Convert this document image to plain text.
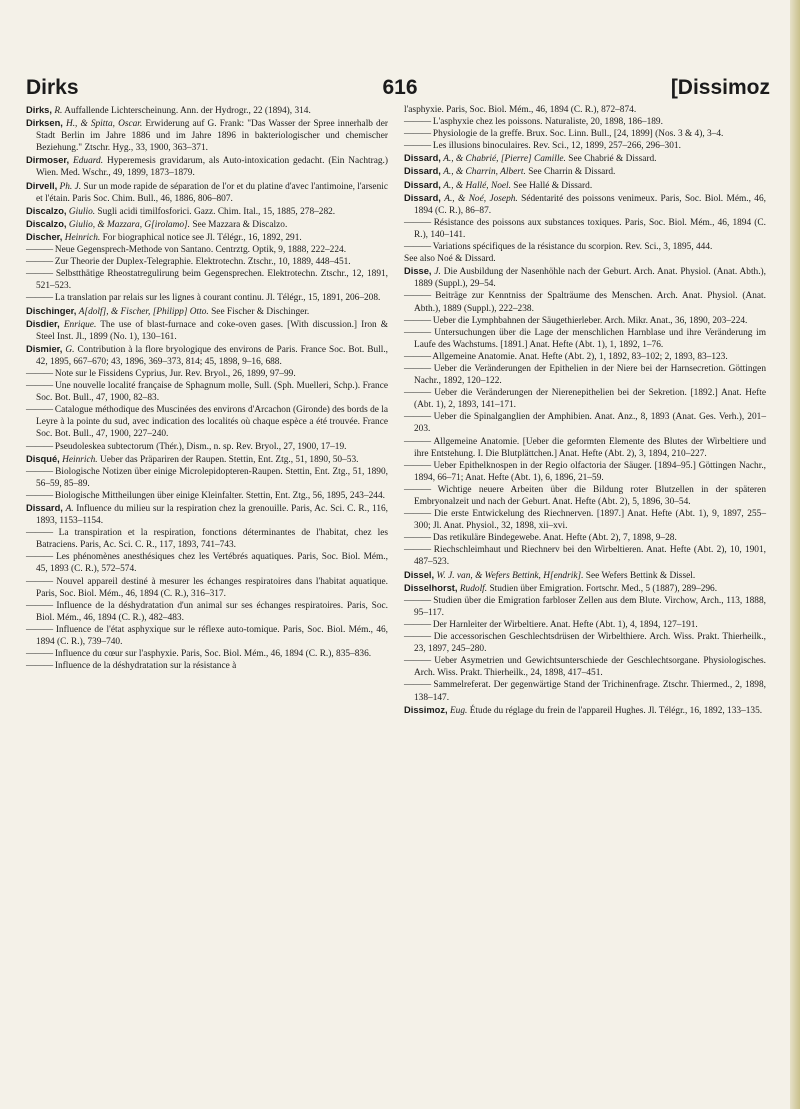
Dirks	616	[Dissimoz
Dirks, R. Auffallende Lichterscheinung. Ann. der Hydrogr., 22 (1894), 314.
Dirksen, H., & Spitta, Oscar. Erwiderung auf G. Frank: "Das Wasser der Spree innerhalb der Stadt Berlin im Jahre 1886 und im Jahre 1896 in bakteriologischer und chemischer Beziehung." Ztschr. Hyg., 33, 1900, 363–371.
Dirmoser, Eduard. Hyperemesis gravidarum, als Auto-intoxication gedacht. (Ein Nachtrag.) Wien. Med. Wschr., 49, 1899, 1873–1879.
Dirvell, Ph. J. Sur un mode rapide de séparation de l'or et du platine d'avec l'antimoine, l'arsenic et l'étain. Paris Soc. Chim. Bull., 46, 1886, 806–807.
Discalzo, Giulio. Sugli acidi timilfosforici. Gazz. Chim. Ital., 15, 1885, 278–282.
Discalzo, Giulio, & Mazzara, G[irolamo]. See Mazzara & Discalzo.
Discher, Heinrich. For biographical notice see Jl. Télégr., 16, 1892, 291.
——— Neue Gegensprech-Methode von Santano. Centrztg. Optik, 9, 1888, 222–224.
——— Zur Theorie der Duplex-Telegraphie. Elektrotechn. Ztschr., 10, 1889, 448–451.
——— Selbstthätige Rheostatregulirung beim Gegensprechen. Elektrotechn. Ztschr., 12, 1891, 521–523.
——— La translation par relais sur les lignes à courant continu. Jl. Télégr., 15, 1891, 206–208.
Dischinger, A[dolf], & Fischer, [Philipp] Otto. See Fischer & Dischinger.
Disdier, Enrique. The use of blast-furnace and coke-oven gases. [With discussion.] Iron & Steel Inst. Jl., 1899 (No. 1), 130–161.
Dismier, G. Contribution à la flore bryologique des environs de Paris. France Soc. Bot. Bull., 42, 1895, 667–670; 43, 1896, 369–373, 814; 45, 1898, 9–16, 688.
——— Note sur le Fissidens Cyprius, Jur. Rev. Bryol., 26, 1899, 97–99.
——— Une nouvelle localité française de Sphagnum molle, Sull. (Sph. Muelleri, Schp.). France Soc. Bot. Bull., 47, 1900, 82–83.
——— Catalogue méthodique des Muscinées des environs d'Arcachon (Gironde) des bords de la Leyre à la pointe du sud, avec indication des localités où chaque espèce a été trouvée. France Soc. Bot. Bull., 47, 1900, 227–240.
——— Pseudoleskea subtectorum (Thér.), Dism., n. sp. Rev. Bryol., 27, 1900, 17–19.
Disqué, Heinrich. Ueber das Präpariren der Raupen. Stettin, Ent. Ztg., 51, 1890, 50–53.
——— Biologische Notizen über einige Microlepidopteren-Raupen. Stettin, Ent. Ztg., 51, 1890, 56–59, 85–89.
——— Biologische Mittheilungen über einige Kleinfalter. Stettin, Ent. Ztg., 56, 1895, 243–244.
Dissard, A. Influence du milieu sur la respiration chez la grenouille. Paris, Ac. Sci. C. R., 116, 1893, 1153–1154.
——— La transpiration et la respiration, fonctions déterminantes de l'habitat, chez les Batraciens. Paris, Ac. Sci. C. R., 117, 1893, 741–743.
——— Les phénomènes anesthésiques chez les Vertébrés aquatiques. Paris, Soc. Biol. Mém., 45, 1893 (C. R.), 572–574.
——— Nouvel appareil destiné à mesurer les échanges respiratoires dans l'habitat aquatique. Paris, Soc. Biol. Mém., 46, 1894 (C. R.), 316–317.
——— Influence de la déshydratation d'un animal sur ses échanges respiratoires. Paris, Soc. Biol. Mém., 46, 1894 (C. R.), 482–483.
——— Influence de l'état asphyxique sur le réflexe auto-tomique. Paris, Soc. Biol. Mém., 46, 1894 (C. R.), 739–740.
——— Influence du cœur sur l'asphyxie. Paris, Soc. Biol. Mém., 46, 1894 (C. R.), 835–836.
——— Influence de la déshydratation sur la résistance à
l'asphyxie. Paris, Soc. Biol. Mém., 46, 1894 (C. R.), 872–874.
——— L'asphyxie chez les poissons. Naturaliste, 20, 1898, 186–189.
——— Physiologie de la greffe. Brux. Soc. Linn. Bull., [24, 1899] (Nos. 3 & 4), 3–4.
——— Les illusions binoculaires. Rev. Sci., 12, 1899, 257–266, 296–301.
Dissard, A., & Chabrié, [Pierre] Camille. See Chabrié & Dissard.
Dissard, A., & Charrin, Albert. See Charrin & Dissard.
Dissard, A., & Hallé, Noel. See Hallé & Dissard.
Dissard, A., & Noé, Joseph. Sédentarité des poissons venimeux. Paris, Soc. Biol. Mém., 46, 1894 (C. R.), 86–87.
——— Résistance des poissons aux substances toxiques. Paris, Soc. Biol. Mém., 46, 1894 (C. R.), 140–141.
——— Variations spécifiques de la résistance du scorpion. Rev. Sci., 3, 1895, 444.
See also Noé & Dissard.
Disse, J. Die Ausbildung der Nasenhöhle nach der Geburt. Arch. Anat. Physiol. (Anat. Abth.), 1889 (Suppl.), 29–54.
——— Beiträge zur Kenntniss der Spalträume des Menschen. Arch. Anat. Physiol. (Anat. Abth.), 1889 (Suppl.), 222–238.
——— Ueber die Lymphbahnen der Säugethierleber. Arch. Mikr. Anat., 36, 1890, 203–224.
——— Untersuchungen über die Lage der menschlichen Harnblase und ihre Veränderung im Laufe des Wachstums. [1891.] Anat. Hefte (Abt. 1), 1, 1892, 1–76.
——— Allgemeine Anatomie. Anat. Hefte (Abt. 2), 1, 1892, 83–102; 2, 1893, 83–123.
——— Ueber die Veränderungen der Epithelien in der Niere bei der Harnsecretion. Göttingen Nachr., 1892, 120–122.
——— Ueber die Veränderungen der Nierenepithelien bei der Sekretion. [1892.] Anat. Hefte (Abt. 1), 2, 1893, 141–171.
——— Ueber die Spinalganglien der Amphibien. Anat. Anz., 8, 1893 (Anat. Ges. Verh.), 201–203.
——— Allgemeine Anatomie. [Ueber die geformten Elemente des Blutes der Wirbeltiere und ihre Entstehung. I. Die Blutplättchen.] Anat. Hefte (Abt. 2), 3, 1894, 210–227.
——— Ueber Epithelknospen in der Regio olfactoria der Säuger. [1894–95.] Göttingen Nachr., 1894, 66–71; Anat. Hefte (Abt. 1), 6, 1896, 21–59.
——— Wichtige neuere Arbeiten über die Bildung roter Blutzellen in der späteren Embryonalzeit und nach der Geburt. Anat. Hefte (Abt. 2), 5, 1896, 30–54.
——— Die erste Entwickelung des Riechnerven. [1897.] Anat. Hefte (Abt. 1), 9, 1897, 255–300; Jl. Anat. Physiol., 32, 1898, xii–xvi.
——— Das retikuläre Bindegewebe. Anat. Hefte (Abt. 2), 7, 1898, 9–28.
——— Riechschleimhaut und Riechnerv bei den Wirbeltieren. Anat. Hefte (Abt. 2), 10, 1901, 487–523.
Dissel, W. J. van, & Wefers Bettink, H[endrik]. See Wefers Bettink & Dissel.
Disselhorst, Rudolf. Studien über Emigration. Fortschr. Med., 5 (1887), 289–296.
——— Studien über die Emigration farbloser Zellen aus dem Blute. Virchow, Arch., 113, 1888, 95–117.
——— Der Harnleiter der Wirbeltiere. Anat. Hefte (Abt. 1), 4, 1894, 127–191.
——— Die accessorischen Geschlechtsdrüsen der Wirbelthiere. Arch. Wiss. Prakt. Thierheilk., 23, 1897, 245–280.
——— Ueber Asymetrien und Gewichtsunterschiede der Geschlechtsorgane. Physiologisches. Arch. Wiss. Prakt. Thierheilk., 24, 1898, 417–451.
——— Sammelreferat. Der gegenwärtige Stand der Trichinenfrage. Ztschr. Thiermed., 2, 1898, 138–147.
Dissimoz, Eug. Étude du réglage du frein de l'appareil Hughes. Jl. Télégr., 16, 1892, 133–135.
